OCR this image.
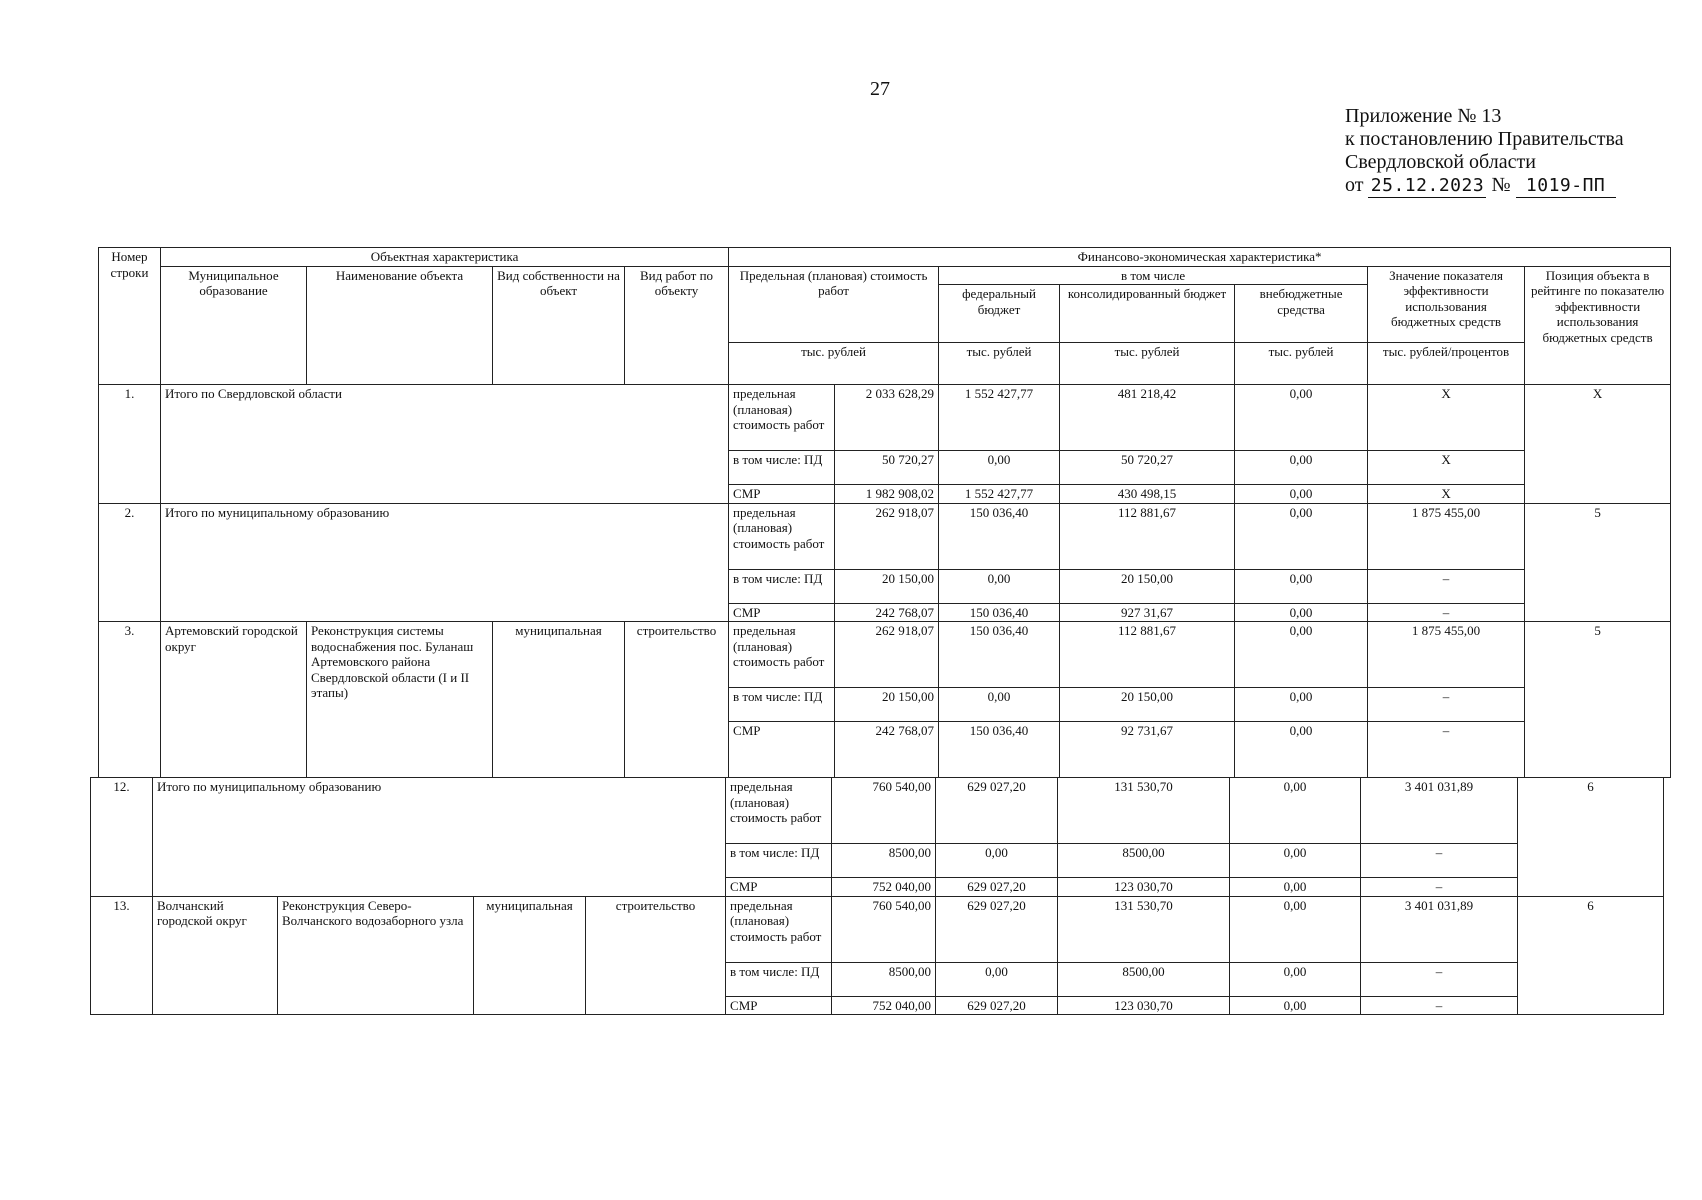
27
Приложение № 13
к постановлению Правительства
Свердловской области
от 25.12.2023 № 1019-ПП
Номер строки	Объектная характеристика				Финансово-экономическая характеристика*						
	Муниципальное образование	Наименование объекта	Вид собственности на объект	Вид работ по объекту	Предельная (плановая) стоимость работ		в том числе			Значение показателя эффективности использования бюджетных средств	Позиция объекта в рейтинге по показателю эффективности использования бюджетных средств
							федеральный бюджет	консолидированный бюджет	внебюджетные средства		
					тыс. рублей		тыс. рублей	тыс. рублей	тыс. рублей	тыс. рублей/процентов	
1.	Итого по Свердловской области				предельная (плановая) стоимость работ	2 033 628,29	1 552 427,77	481 218,42	0,00	X	X
					в том числе: ПД	50 720,27	0,00	50 720,27	0,00	X	
					СМР	1 982 908,02	1 552 427,77	430 498,15	0,00	X	
2.	Итого по муниципальному образованию				предельная (плановая) стоимость работ	262 918,07	150 036,40	112 881,67	0,00	1 875 455,00	5
					в том числе: ПД	20 150,00	0,00	20 150,00	0,00	–	
					СМР	242 768,07	150 036,40	927 31,67	0,00	–	
3.	Артемовский городской округ	Реконструкция системы водоснабжения пос. Буланаш Артемовского района Свердловской области (I и II этапы)	муниципальная	строительство	предельная (плановая) стоимость работ	262 918,07	150 036,40	112 881,67	0,00	1 875 455,00	5
					в том числе: ПД	20 150,00	0,00	20 150,00	0,00	–	
					СМР	242 768,07	150 036,40	92 731,67	0,00	–	
12.	Итого по муниципальному образованию				предельная (плановая) стоимость работ	760 540,00	629 027,20	131 530,70	0,00	3 401 031,89	6
					в том числе: ПД	8500,00	0,00	8500,00	0,00	–	
					СМР	752 040,00	629 027,20	123 030,70	0,00	–	
13.	Волчанский городской округ	Реконструкция Северо-Волчанского водозаборного узла	муниципальная	строительство	предельная (плановая) стоимость работ	760 540,00	629 027,20	131 530,70	0,00	3 401 031,89	6
					в том числе: ПД	8500,00	0,00	8500,00	0,00	–	
					СМР	752 040,00	629 027,20	123 030,70	0,00	–	
